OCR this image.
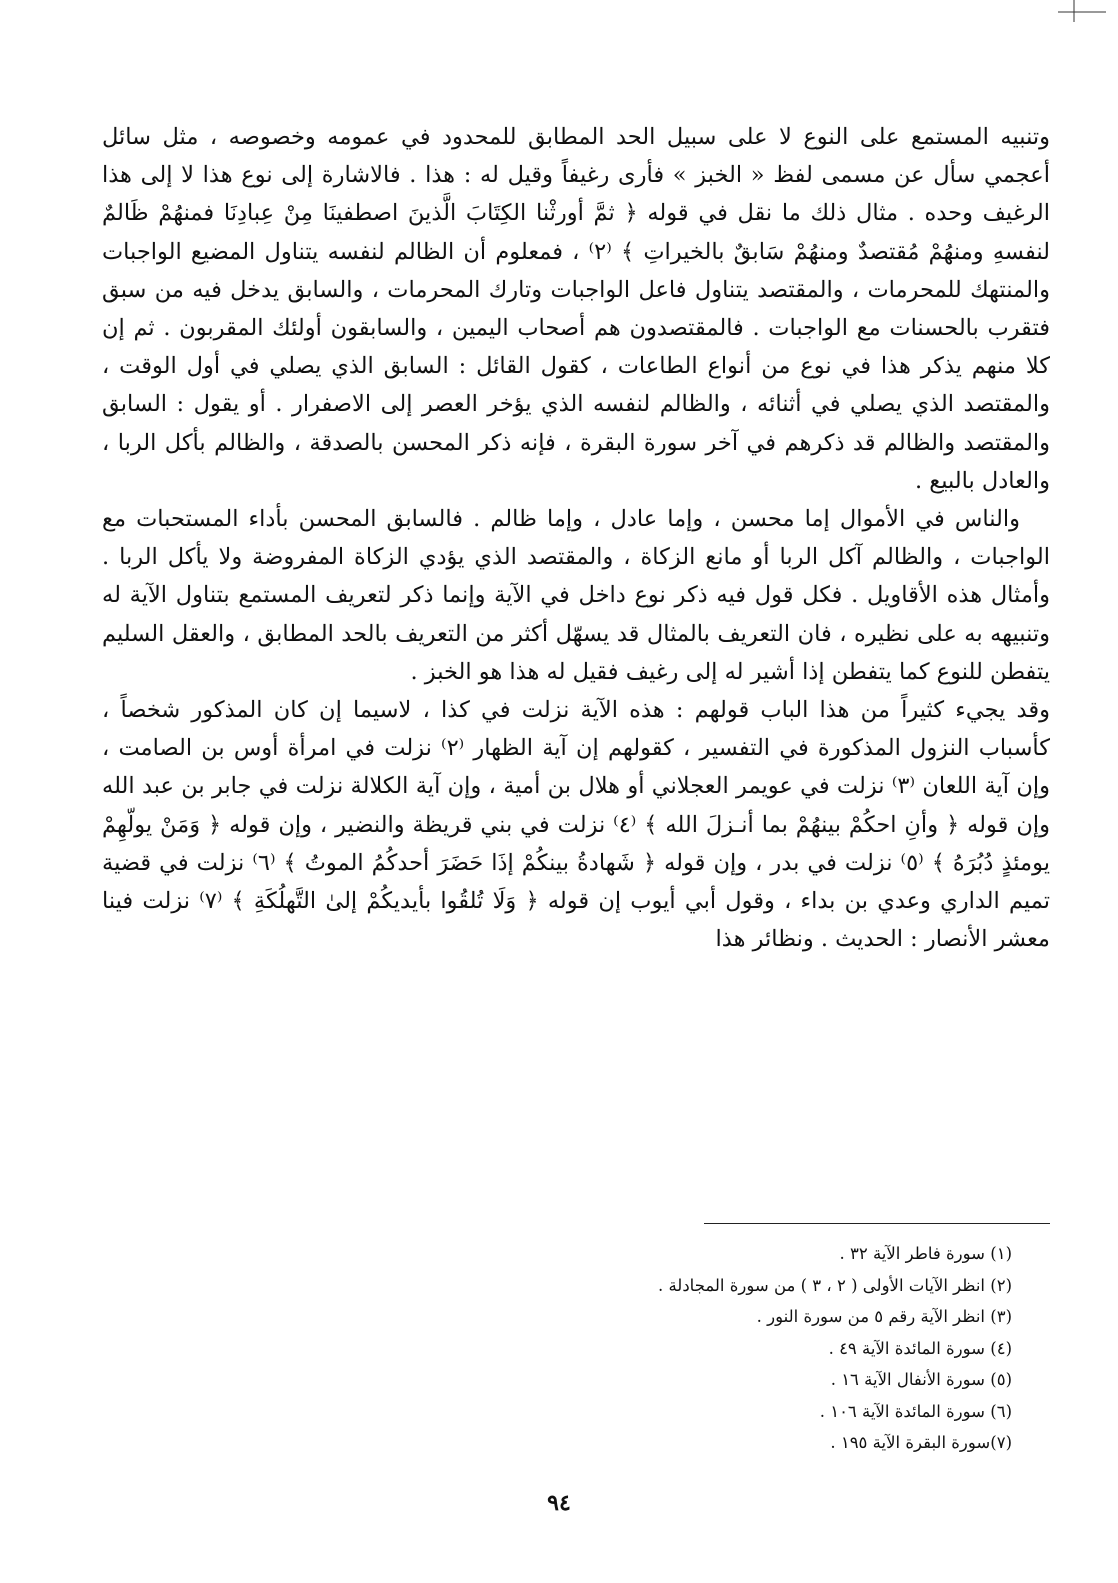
وتنبيه المستمع على النوع لا على سبيل الحد المطابق للمحدود في عمومه وخصوصه ، مثل سائل أعجمي سأل عن مسمى لفظ « الخبز » فأرى رغيفاً وقيل له : هذا . فالاشارة إلى نوع هذا لا إلى هذا الرغيف وحده . مثال ذلك ما نقل في قوله ﴿ ثمَّ أورثْنا الكِتَابَ الَّذينَ اصطفينَا مِنْ عِبادِنَا فمنهُمْ ظَالمٌ لنفسهِ ومنهُمْ مُقتصدٌ ومنهُمْ سَابقٌ بالخيراتِ ﴾ ⁽٢⁾ ، فمعلوم أن الظالم لنفسه يتناول المضيع الواجبات والمنتهك للمحرمات ، والمقتصد يتناول فاعل الواجبات وتارك المحرمات ، والسابق يدخل فيه من سبق فتقرب بالحسنات مع الواجبات . فالمقتصدون هم أصحاب اليمين ، والسابقون أولئك المقربون . ثم إن كلا منهم يذكر هذا في نوع من أنواع الطاعات ، كقول القائل : السابق الذي يصلي في أول الوقت ، والمقتصد الذي يصلي في أثنائه ، والظالم لنفسه الذي يؤخر العصر إلى الاصفرار . أو يقول : السابق والمقتصد والظالم قد ذكرهم في آخر سورة البقرة ، فإنه ذكر المحسن بالصدقة ، والظالم بأكل الربا ، والعادل بالبيع .

والناس في الأموال إما محسن ، وإما عادل ، وإما ظالم . فالسابق المحسن بأداء المستحبات مع الواجبات ، والظالم آكل الربا أو مانع الزكاة ، والمقتصد الذي يؤدي الزكاة المفروضة ولا يأكل الربا . وأمثال هذه الأقاويل . فكل قول فيه ذكر نوع داخل في الآية وإنما ذكر لتعريف المستمع بتناول الآية له وتنبيهه به على نظيره ، فان التعريف بالمثال قد يسهّل أكثر من التعريف بالحد المطابق ، والعقل السليم يتفطن للنوع كما يتفطن إذا أشير له إلى رغيف فقيل له هذا هو الخبز .

وقد يجيء كثيراً من هذا الباب قولهم : هذه الآية نزلت في كذا ، لاسيما إن كان المذكور شخصاً ، كأسباب النزول المذكورة في التفسير ، كقولهم إن آية الظهار ⁽٢⁾ نزلت في امرأة أوس بن الصامت ، وإن آية اللعان ⁽٣⁾ نزلت في عويمر العجلاني أو هلال بن أمية ، وإن آية الكلالة نزلت في جابر بن عبد الله وإن قوله ﴿ وأنِ احكُمْ بينهُمْ بما أنـزلَ الله ﴾ ⁽٤⁾ نزلت في بني قريظة والنضير ، وإن قوله ﴿ وَمَنْ يولّهِمْ يومئذٍ دُبُرَهُ ﴾ ⁽٥⁾ نزلت في بدر ، وإن قوله ﴿ شَهادةُ بينكُمْ إذَا حَضَرَ أحدكُمُ الموتُ ﴾ ⁽٦⁾ نزلت في قضية تميم الداري وعدي بن بداء ، وقول أبي أيوب إن قوله ﴿ وَلَا تُلقُوا بأيديكُمْ إلىٰ التَّهلُكَةِ ﴾ ⁽٧⁾ نزلت فينا معشر الأنصار : الحديث . ونظائر هذا

(١) سورة فاطر الآية ٣٢ .
(٢) انظر الآيات الأولى ( ٢ ، ٣ ) من سورة المجادلة .
(٣) انظر الآية رقم ٥ من سورة النور .
(٤) سورة المائدة الآية ٤٩ .
(٥) سورة الأنفال الآية ١٦ .
(٦) سورة المائدة الآية ١٠٦ .
(٧)سورة البقرة الآية ١٩٥ .
٩٤
